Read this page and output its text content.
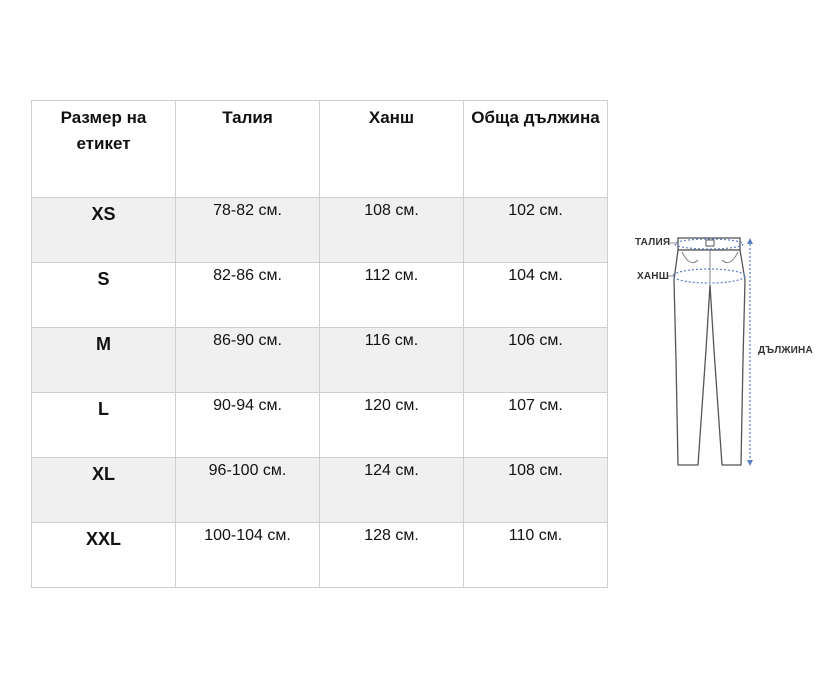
Размер на етикет	Талия	Ханш	Обща дължина
XS	78-82 см.	108 см.	102 см.
S	82-86 см.	112 см.	104 см.
M	86-90 см.	116 см.	106 см.
L	90-94 см.	120 см.	107 см.
XL	96-100 см.	124 см.	108 см.
XXL	100-104 см.	128 см.	110 см.
ТАЛИЯ
ХАНШ
ДЪЛЖИНА
